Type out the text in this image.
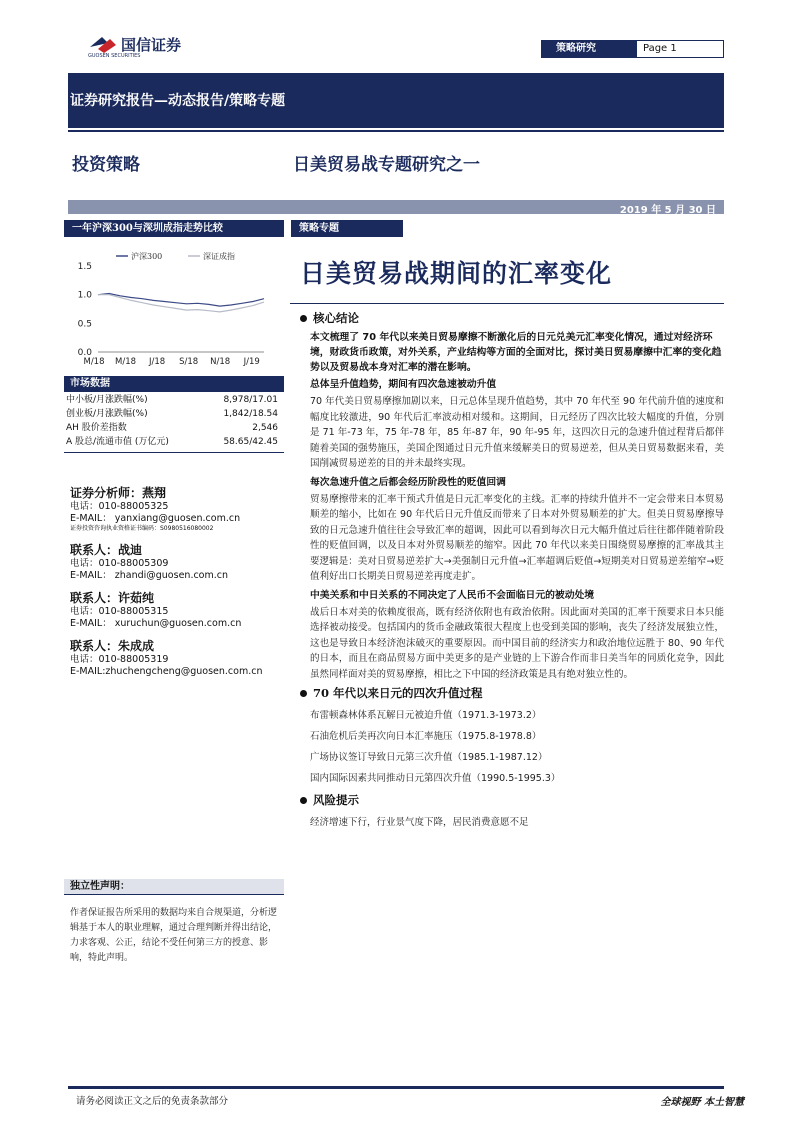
国信证券
GUOSEN SECURITIES
策略研究	Page 1
证券研究报告—动态报告/策略专题
投资策略	日美贸易战专题研究之一
2019 年 5 月 30 日
一年沪深300与深圳成指走势比较
1.5
1.0
0.5
0.0
M/18 M/18 J/18 S/18 N/18 J/19
沪深300	深证成指
市场数据
中小板/月涨跌幅(%)	8,978/17.01
创业板/月涨跌幅(%)	1,842/18.54
AH 股价差指数	2,546
A 股总/流通市值 (万亿元)	58.65/42.45
证券分析师：燕翔
电话：010-88005325
E-MAIL： yanxiang@guosen.com.cn
证券投资咨询执业资格证书编码：S0980516080002
联系人：战迪
电话：010-88005309
E-MAIL： zhandi@guosen.com.cn
联系人：许茹纯
电话：010-88005315
E-MAIL： xuruchun@guosen.com.cn
联系人：朱成成
电话：010-88005319
E-MAIL:zhuchengcheng@guosen.com.cn
独立性声明：
作者保证报告所采用的数据均来自合规渠道，分析逻辑基于本人的职业理解，通过合理判断并得出结论，力求客观、公正，结论不受任何第三方的授意、影响，特此声明。
策略专题
日美贸易战期间的汇率变化
核心结论
本文梳理了 70 年代以来美日贸易摩擦不断激化后的日元兑美元汇率变化情况，通过对经济环境，财政货币政策，对外关系，产业结构等方面的全面对比，探讨美日贸易摩擦中汇率的变化趋势以及贸易战本身对汇率的潜在影响。
总体呈升值趋势，期间有四次急速被动升值
70 年代美日贸易摩擦加剧以来，日元总体呈现升值趋势，其中 70 年代至 90 年代前升值的速度和幅度比较激进，90 年代后汇率波动相对缓和。这期间，日元经历了四次比较大幅度的升值，分别是 71 年-73 年，75 年-78 年，85 年-87 年，90 年-95 年，这四次日元的急速升值过程背后都伴随着美国的强势施压，美国企图通过日元升值来缓解美日的贸易逆差，但从美日贸易数据来看，美国削减贸易逆差的目的并未最终实现。
每次急速升值之后都会经历阶段性的贬值回调
贸易摩擦带来的汇率干预式升值是日元汇率变化的主线。汇率的持续升值并不一定会带来日本贸易顺差的缩小，比如在 90 年代后日元升值反而带来了日本对外贸易顺差的扩大。但美日贸易摩擦导致的日元急速升值往往会导致汇率的超调，因此可以看到每次日元大幅升值过后往往都伴随着阶段性的贬值回调，以及日本对外贸易顺差的缩窄。因此 70 年代以来美日围绕贸易摩擦的汇率战其主要逻辑是：美对日贸易逆差扩大→美强制日元升值→汇率超调后贬值→短期美对日贸易逆差缩窄→贬值利好出口长期美日贸易逆差再度走扩。
中美关系和中日关系的不同决定了人民币不会面临日元的被动处境
战后日本对美的依赖度很高，既有经济依附也有政治依附。因此面对美国的汇率干预要求日本只能选择被动接受。包括国内的货币金融政策很大程度上也受到美国的影响，丧失了经济发展独立性，这也是导致日本经济泡沫破灭的重要原因。而中国目前的经济实力和政治地位远胜于 80、90 年代的日本，而且在商品贸易方面中美更多的是产业链的上下游合作而非日美当年的同质化竞争，因此虽然同样面对美的贸易摩擦，相比之下中国的经济政策是具有绝对独立性的。
70 年代以来日元的四次升值过程
布雷顿森林体系瓦解日元被迫升值（1971.3-1973.2）
石油危机后美再次向日本汇率施压（1975.8-1978.8）
广场协议签订导致日元第三次升值（1985.1-1987.12）
国内国际因素共同推动日元第四次升值（1990.5-1995.3）
风险提示
经济增速下行，行业景气度下降，居民消费意愿不足
请务必阅读正文之后的免责条款部分	全球视野 本土智慧
